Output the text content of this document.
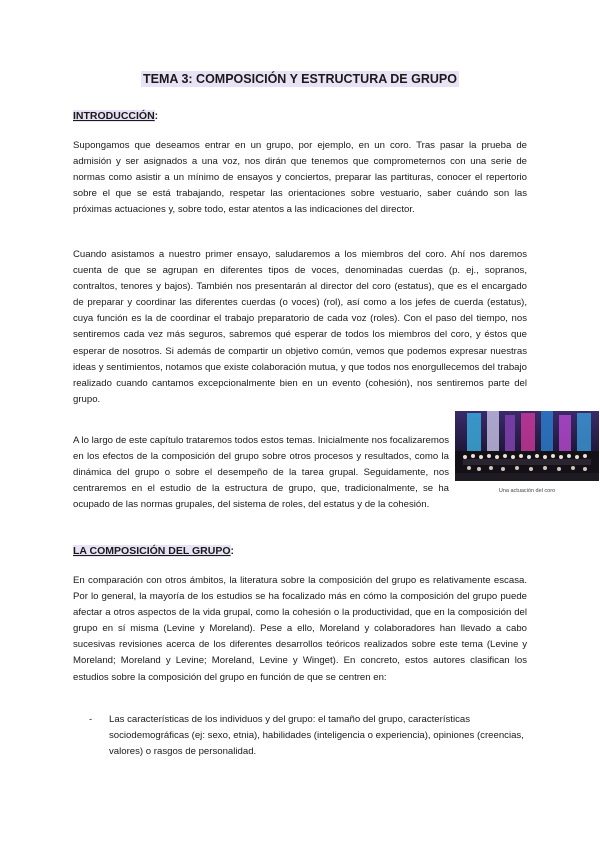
TEMA 3: COMPOSICIÓN Y ESTRUCTURA DE GRUPO
INTRODUCCIÓN:
Supongamos que deseamos entrar en un grupo, por ejemplo, en un coro. Tras pasar la prueba de admisión y ser asignados a una voz, nos dirán que tenemos que comprometernos con una serie de normas como asistir a un mínimo de ensayos y conciertos, preparar las partituras, conocer el repertorio sobre el que se está trabajando, respetar las orientaciones sobre vestuario, saber cuándo son las próximas actuaciones y, sobre todo, estar atentos a las indicaciones del director.
Cuando asistamos a nuestro primer ensayo, saludaremos a los miembros del coro. Ahí nos daremos cuenta de que se agrupan en diferentes tipos de voces, denominadas cuerdas (p. ej., sopranos, contraltos, tenores y bajos). También nos presentarán al director del coro (estatus), que es el encargado de preparar y coordinar las diferentes cuerdas (o voces) (rol), así como a los jefes de cuerda (estatus), cuya función es la de coordinar el trabajo preparatorio de cada voz (roles). Con el paso del tiempo, nos sentiremos cada vez más seguros, sabremos qué esperar de todos los miembros del coro, y éstos que esperar de nosotros. Si además de compartir un objetivo común, vemos que podemos expresar nuestras ideas y sentimientos, notamos que existe colaboración mutua, y que todos nos enorgullecemos del trabajo realizado cuando cantamos excepcionalmente bien en un evento (cohesión), nos sentiremos parte del grupo.
A lo largo de este capítulo trataremos todos estos temas. Inicialmente nos focalizaremos en los efectos de la composición del grupo sobre otros procesos y resultados, como la dinámica del grupo o sobre el desempeño de la tarea grupal. Seguidamente, nos centraremos en el estudio de la estructura de grupo, que, tradicionalmente, se ha ocupado de las normas grupales, del sistema de roles, del estatus y de la cohesión.
Una actuación del coro
LA COMPOSICIÓN DEL GRUPO:
En comparación con otros ámbitos, la literatura sobre la composición del grupo es relativamente escasa. Por lo general, la mayoría de los estudios se ha focalizado más en cómo la composición del grupo puede afectar a otros aspectos de la vida grupal, como la cohesión o la productividad, que en la composición del grupo en sí misma (Levine y Moreland). Pese a ello, Moreland y colaboradores han llevado a cabo sucesivas revisiones acerca de los diferentes desarrollos teóricos realizados sobre este tema (Levine y Moreland; Moreland y Levine; Moreland, Levine y Winget). En concreto, estos autores clasifican los estudios sobre la composición del grupo en función de que se centren en:
- Las características de los individuos y del grupo: el tamaño del grupo, características sociodemográficas (ej: sexo, etnia), habilidades (inteligencia o experiencia), opiniones (creencias, valores) o rasgos de personalidad.
